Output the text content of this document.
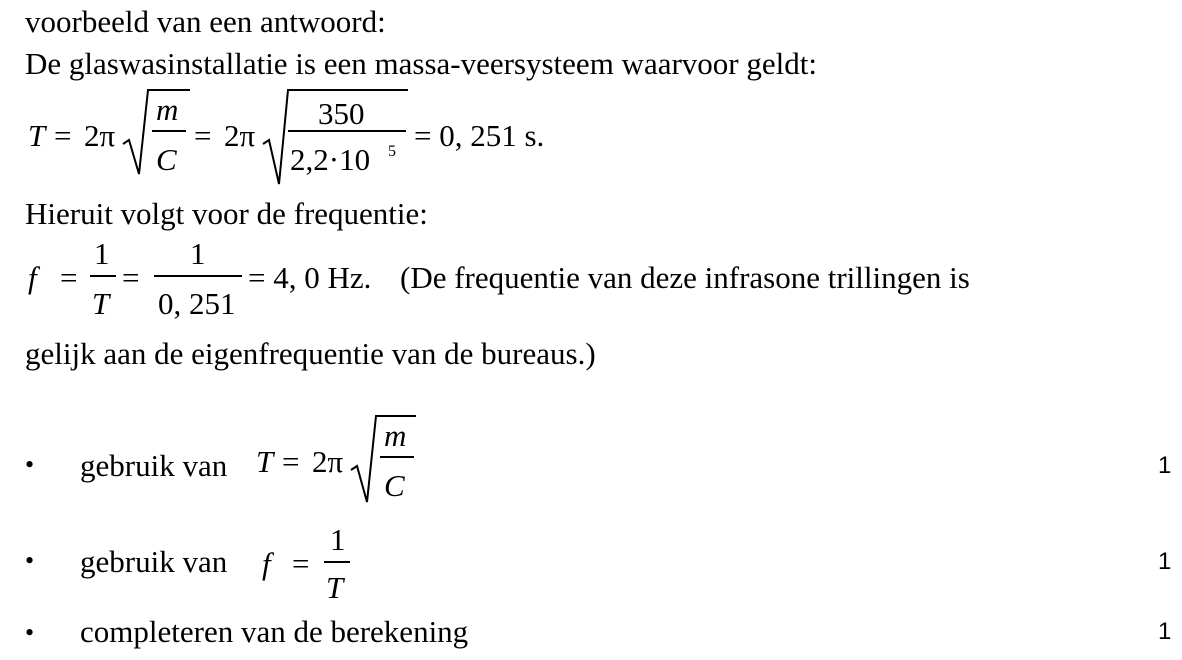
voorbeeld van een antwoord:
De glaswasinstallatie is een massa-veersysteem waarvoor geldt:
T = 2π
m
C
= 2π
350
2,2·10 5 = 0, 251 s.
Hieruit volgt voor de frequentie:
f =
1
T
=
1
0, 251
= 4, 0 Hz. (De frequentie van deze infrasone trillingen is
gelijk aan de eigenfrequentie van de bureaus.)
• gebruik van T = 2π
m
C
1
• gebruik van f =
1
T
1
• completeren van de berekening	1
